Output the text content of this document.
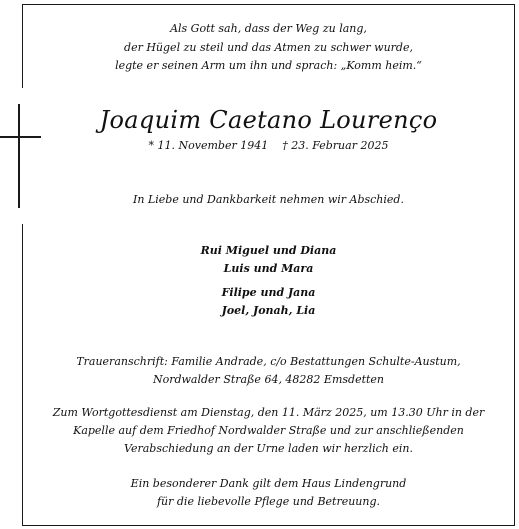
Als Gott sah, dass der Weg zu lang,
der Hügel zu steil und das Atmen zu schwer wurde,
legte er seinen Arm um ihn und sprach: „Komm heim.“
Joaquim Caetano Lourenço
* 11. November 1941    † 23. Februar 2025
In Liebe und Dankbarkeit nehmen wir Abschied.
Rui Miguel und Diana
Luis und Mara
Filipe und Jana
Joel, Jonah, Lia
Traueranschrift: Familie Andrade, c/o Bestattungen Schulte-Austum,
Nordwalder Straße 64, 48282 Emsdetten
Zum Wortgottesdienst am Dienstag, den 11. März 2025, um 13.30 Uhr in der
Kapelle auf dem Friedhof Nordwalder Straße und zur anschließenden
Verabschiedung an der Urne laden wir herzlich ein.
Ein besonderer Dank gilt dem Haus Lindengrund
für die liebevolle Pflege und Betreuung.
